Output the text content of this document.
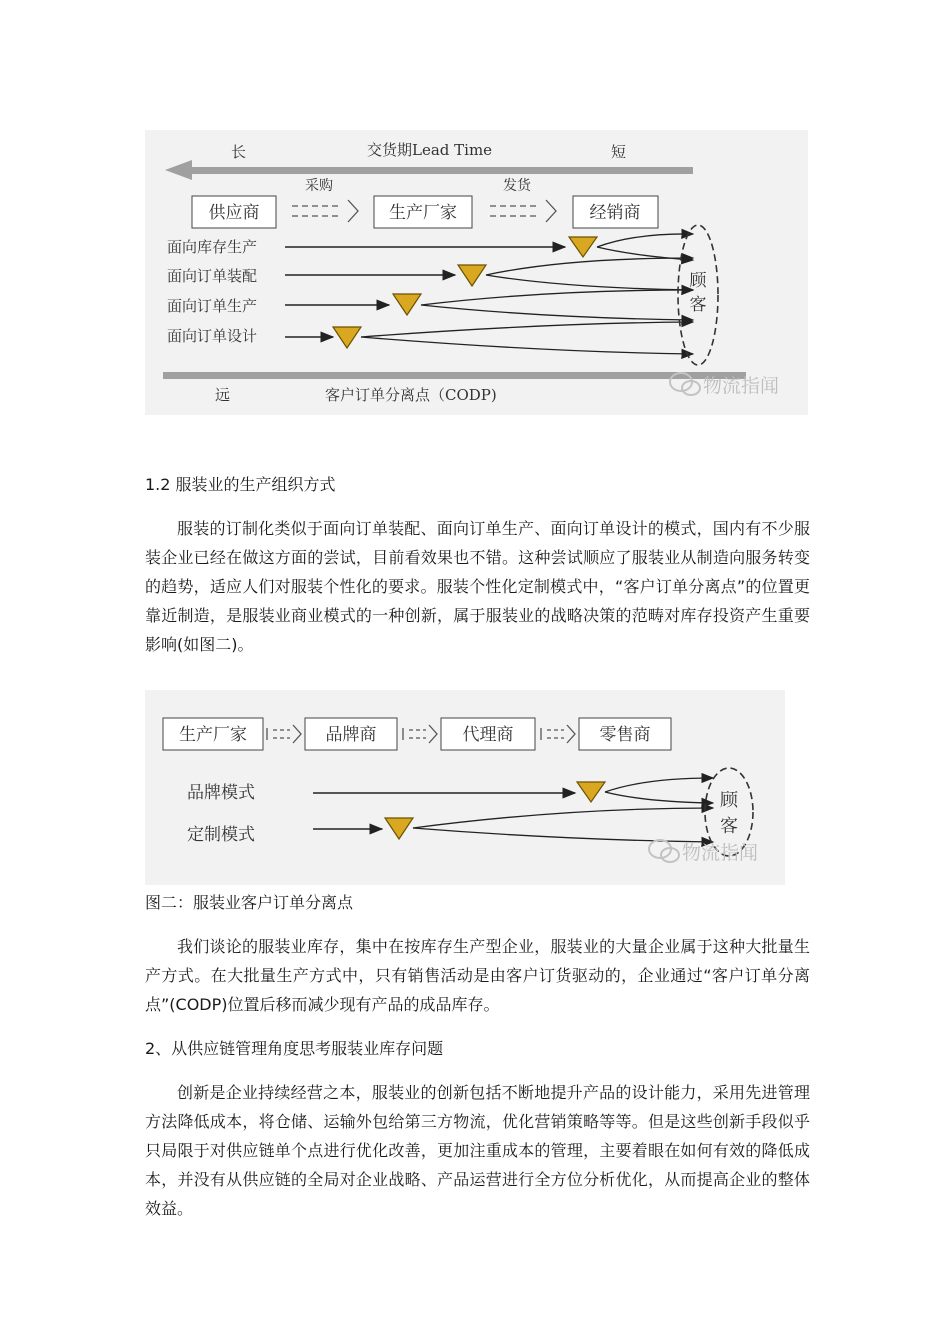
长	交货期Lead Time	短
供应商	生产厂家	经销商
采购	发货
面向库存生产
面向订单装配
面向订单生产
面向订单设计
顾
客
远	客户订单分离点（CODP)	物流指闻

1.2 服装业的生产组织方式

服装的订制化类似于面向订单装配、面向订单生产、面向订单设计的模式，国内有不少服装企业已经在做这方面的尝试，目前看效果也不错。这种尝试顺应了服装业从制造向服务转变的趋势，适应人们对服装个性化的要求。服装个性化定制模式中，“客户订单分离点”的位置更靠近制造，是服装业商业模式的一种创新，属于服装业的战略决策的范畴对库存投资产生重要影响(如图二)。

生产厂家	品牌商	代理商	零售商
品牌模式
定制模式
顾
客
物流指闻

图二：服装业客户订单分离点

我们谈论的服装业库存，集中在按库存生产型企业，服装业的大量企业属于这种大批量生产方式。在大批量生产方式中，只有销售活动是由客户订货驱动的，企业通过“客户订单分离点”(CODP)位置后移而减少现有产品的成品库存。

2、从供应链管理角度思考服装业库存问题

创新是企业持续经营之本，服装业的创新包括不断地提升产品的设计能力，采用先进管理方法降低成本，将仓储、运输外包给第三方物流，优化营销策略等等。但是这些创新手段似乎只局限于对供应链单个点进行优化改善，更加注重成本的管理，主要着眼在如何有效的降低成本，并没有从供应链的全局对企业战略、产品运营进行全方位分析优化，从而提高企业的整体效益。
